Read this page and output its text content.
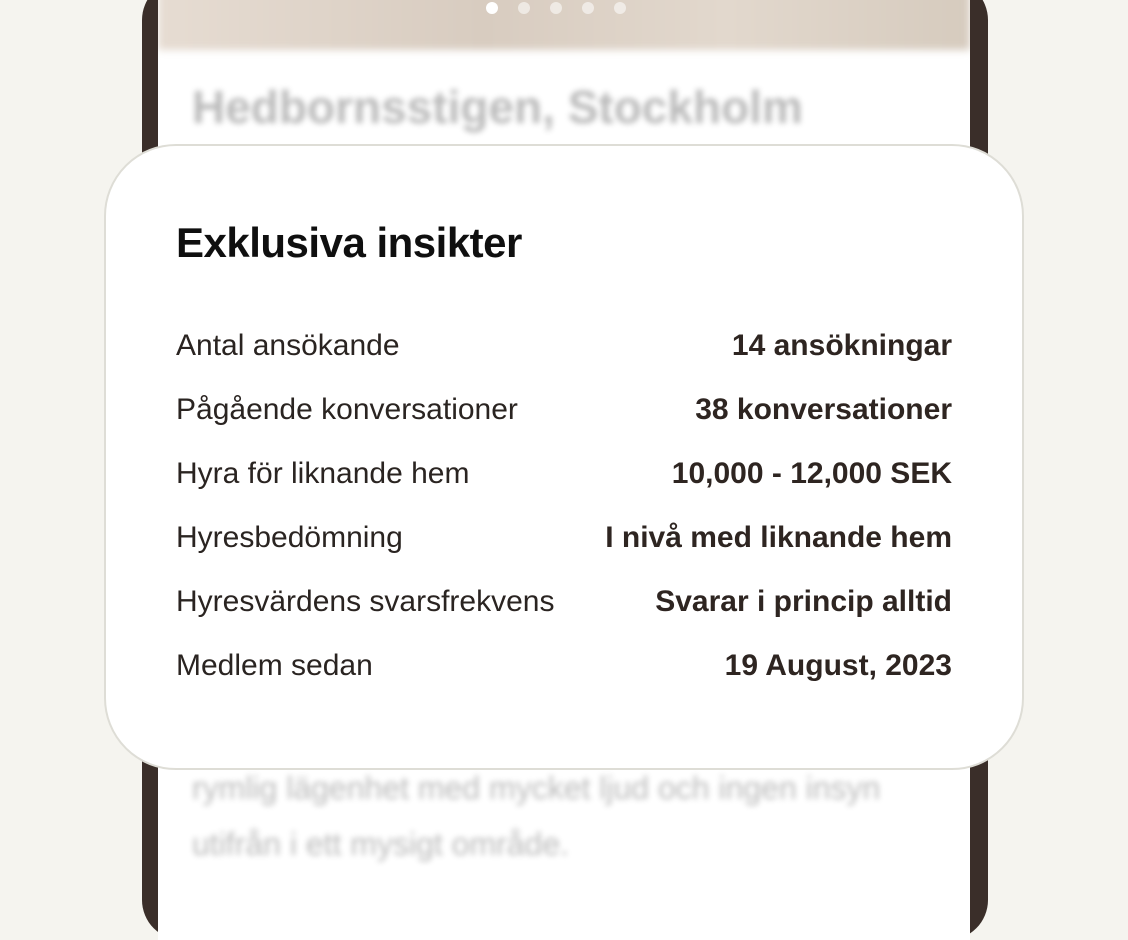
Hedbornsstigen, Stockholm
rymlig lägenhet med mycket ljud och ingen insyn utifrån i ett mysigt område.
Exklusiva insikter
Antal ansökande	14 ansökningar
Pågående konversationer	38 konversationer
Hyra för liknande hem	10,000 - 12,000 SEK
Hyresbedömning	I nivå med liknande hem
Hyresvärdens svarsfrekvens	Svarar i princip alltid
Medlem sedan	19 August, 2023
